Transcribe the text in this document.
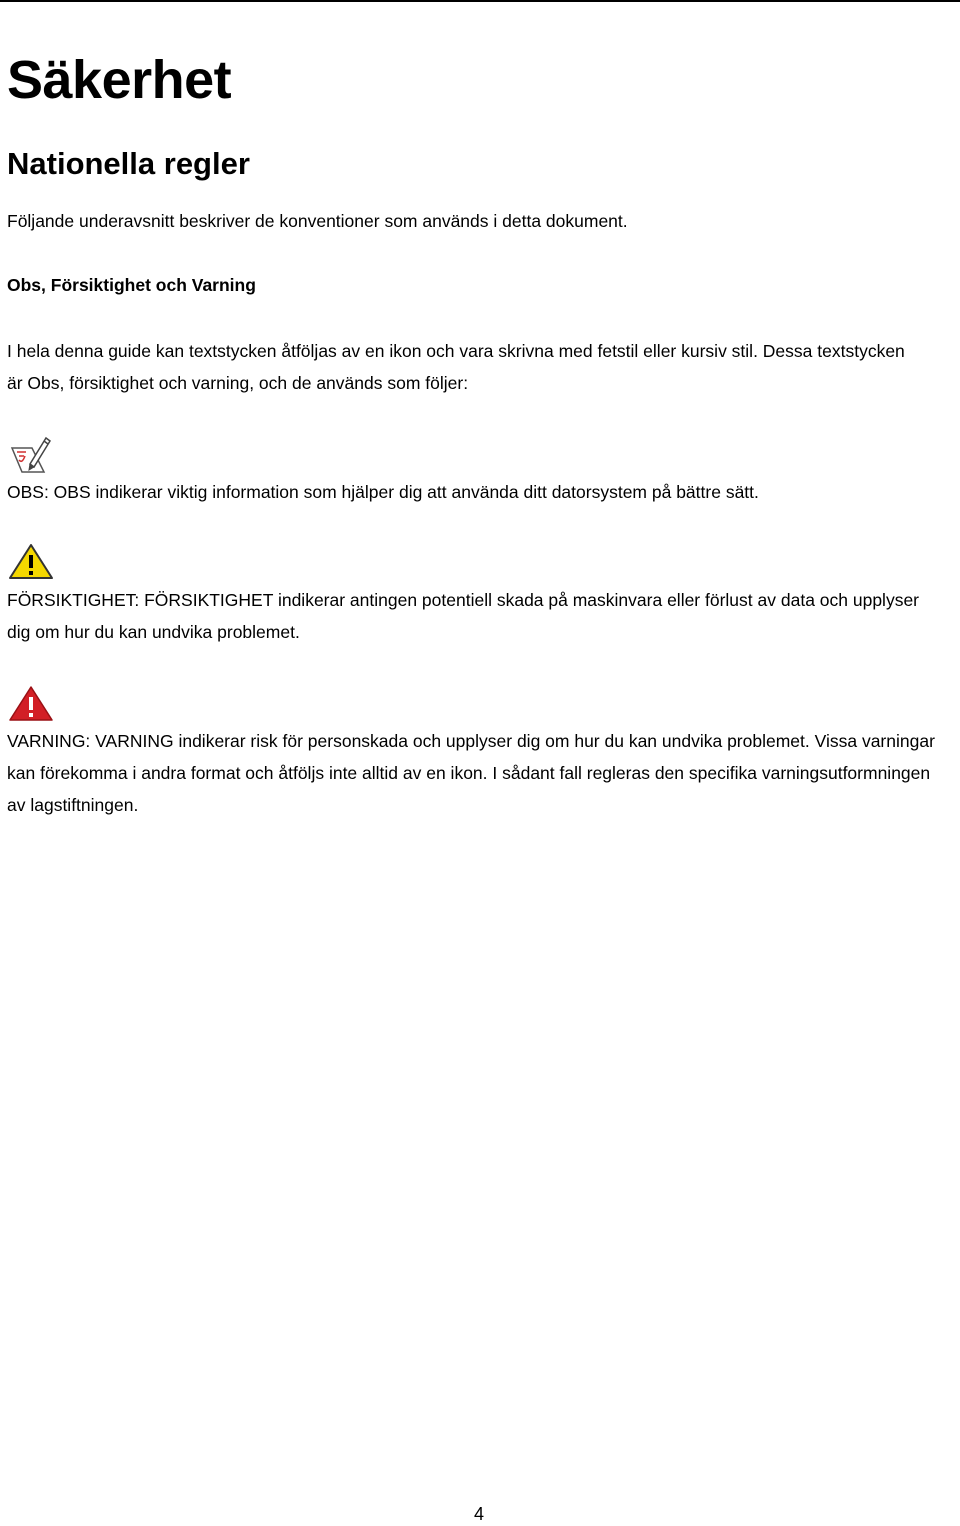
Säkerhet
Nationella regler

Följande underavsnitt beskriver de konventioner som används i detta dokument.

Obs, Försiktighet och Varning

I hela denna guide kan textstycken åtföljas av en ikon och vara skrivna med fetstil eller kursiv stil. Dessa textstycken är Obs, försiktighet och varning, och de används som följer:

OBS: OBS indikerar viktig information som hjälper dig att använda ditt datorsystem på bättre sätt.

FÖRSIKTIGHET: FÖRSIKTIGHET indikerar antingen potentiell skada på maskinvara eller förlust av data och upplyser dig om hur du kan undvika problemet.

VARNING: VARNING indikerar risk för personskada och upplyser dig om hur du kan undvika problemet. Vissa varningar kan förekomma i andra format och åtföljs inte alltid av en ikon. I sådant fall regleras den specifika varningsutformningen av lagstiftningen.

4
